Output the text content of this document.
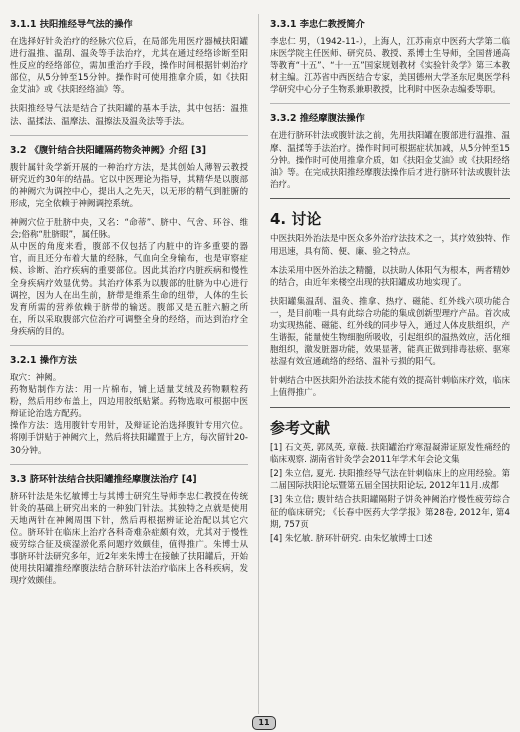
3.1.1 扶阳推经导气法的操作
在选择好针灸治疗的经脉穴位后，在局部先用医疗器械扶阳罐进行温推、温刮、温灸等手法治疗，尤其在通过经络诊断至阳性反应的经络部位，需加重治疗手段，操作时间根据针刺治疗部位，从5分钟至15分钟。操作时可使用推拿介质，如《扶阳金艾油》或《扶阳经络油》等。
扶阳推经导气法是结合了扶阳罐的基本手法，其中包括：温推法、温揉法、温摩法、温擦法及温灸法等手法。
3.2 《腹针结合扶阳罐隔药物灸神阙》介绍 [3]
腹针属针灸学新开展的一种治疗方法，是其创始人薄智云教授研究近约30年的结晶。它以中医理论为指导，其精华是以腹部的神阙穴为调控中心，提出人之先天，以无形的精气到脏腑的形成，完全依赖于神阙调控系统。
神阙穴位于肚脐中央，又名：“命蒂”、脐中、气舍、环谷、维会;俗称“肚脐眼”，属任脉。
从中医的角度来看，腹部不仅包括了内脏中的许多重要的器官，而且还分布着大量的经脉，气血向全身输布，也是审察症候、诊断、治疗疾病的重要部位。因此其治疗内脏疾病和慢性全身疾病疗效显优势。其治疗体系为以腹部的肚脐为中心进行调控，因为人在出生前，脐带是维系生命的纽带，人体的生长发育所需的营养依赖于脐带的输送。腹部又是五脏六腑之所在，所以采取腹部穴位治疗可调整全身的经络，而达到治疗全身疾病的目的。
3.2.1 操作方法
取穴：神阙。
药物贴制作方法：用一片棉布，铺上适量艾绒及药物颗粒药粉，然后用纱布盖上，四边用胶纸贴紧。药物选取可根据中医辩证论治选方配药。
操作方法：选用腹针专用针，及辩证论治选择腹针专用穴位。将刚手饼贴于神阙穴上，然后将扶阳罐置于上方，每次留针20-30分钟。
3.3 脐环针法结合扶阳罐推经摩腹法治疗 [4]
脐环针法是朱忆敏博士与其博士研究生导师李忠仁教授在传统针灸的基础上研究出来的一种独门针法。其独特之点就是使用天地两针在神阙周围下针，然后再根据辨证论治配以其它穴位。脐环针在临床上治疗各科奇难杂症颇有效，尤其对于慢性疲劳综合征及痰湿淤化系问题疗效颇佳，值得推广。朱博士从事脐环针法研究多年，近2年来朱博士在接触了扶阳罐后，开始使用扶阳罐推经摩腹法结合脐环针法治疗临床上各科疾病，发现疗效颇佳。
3.3.1 李忠仁教授简介
李忠仁 男，（1942-11-），上海人，江苏南京中医药大学第二临床医学院主任医师、研究员、教授、系博士生导师，全国普通高等教育“十五”、“十一五”国家规划教材《实验针灸学》第三本教材主编。江苏省中西医结合专家，美国德州大学圣东尼奥医学科学研究中心分子生物系兼职教授，比利时中医杂志编委等职。
3.3.2 推经摩腹法操作
在进行脐环针法或腹针法之前，先用扶阳罐在腹部进行温推、温摩、温揉等手法治疗。操作时间可根据症状加减，从5分钟至15分钟。操作时可使用推拿介质，如《扶阳金艾油》或《扶阳经络油》等。在完成扶阳推经摩腹法操作后才进行脐环针法或腹针法治疗。
4. 讨论
中医扶阳外治法是中医众多外治疗法技术之一，其疗效独特、作用迅速，具有简、便、廉、验之特点。
本法采用中医外治法之精髓，以扶助人体阳气为根本，两者精妙的结合，由近年来楼空出现的扶阳罐成功地实现了。
扶阳罐集温刮、温灸、推拿、热疗、磁能、红外线六项功能合一，是目前唯一具有此综合功能的集成创新型理疗产品。首次成功实现热能、磁能、红外线的同步导入，通过人体皮肤组织，产生谐振，能量使生物细胞所吸收，引起组织的温热效应，活化细胞组织，激发脏器功能，效果显著，能真正做到排毒祛瘀、驱寒祛湿有效宣通疏络的经络、温补亏损的阳气。
针刺结合中医扶阳外治法技术能有效的提高针刺临床疗效，临床上值得推广。
参考文献
[1] 石文英, 郭凤英, 章薇. 扶阳罐治疗寒湿凝滞证原发性痛经的临床观察. 湖南省针灸学会2011年学术年会论文集
[2] 朱立信, 夏光. 扶阳推经导气法在针刺临床上的应用经验。第二届国际扶阳论坛暨第五届全国扶阳论坛, 2012年11月.成都
[3] 朱立信; 腹针结合扶阳罐隔附子饼灸神阙治疗慢性疲劳综合征的临床研究; 《长春中医药大学学报》第28卷, 2012年, 第4期, 757页
[4] 朱忆敏. 脐环针研究. 由朱忆敏博士口述
11
